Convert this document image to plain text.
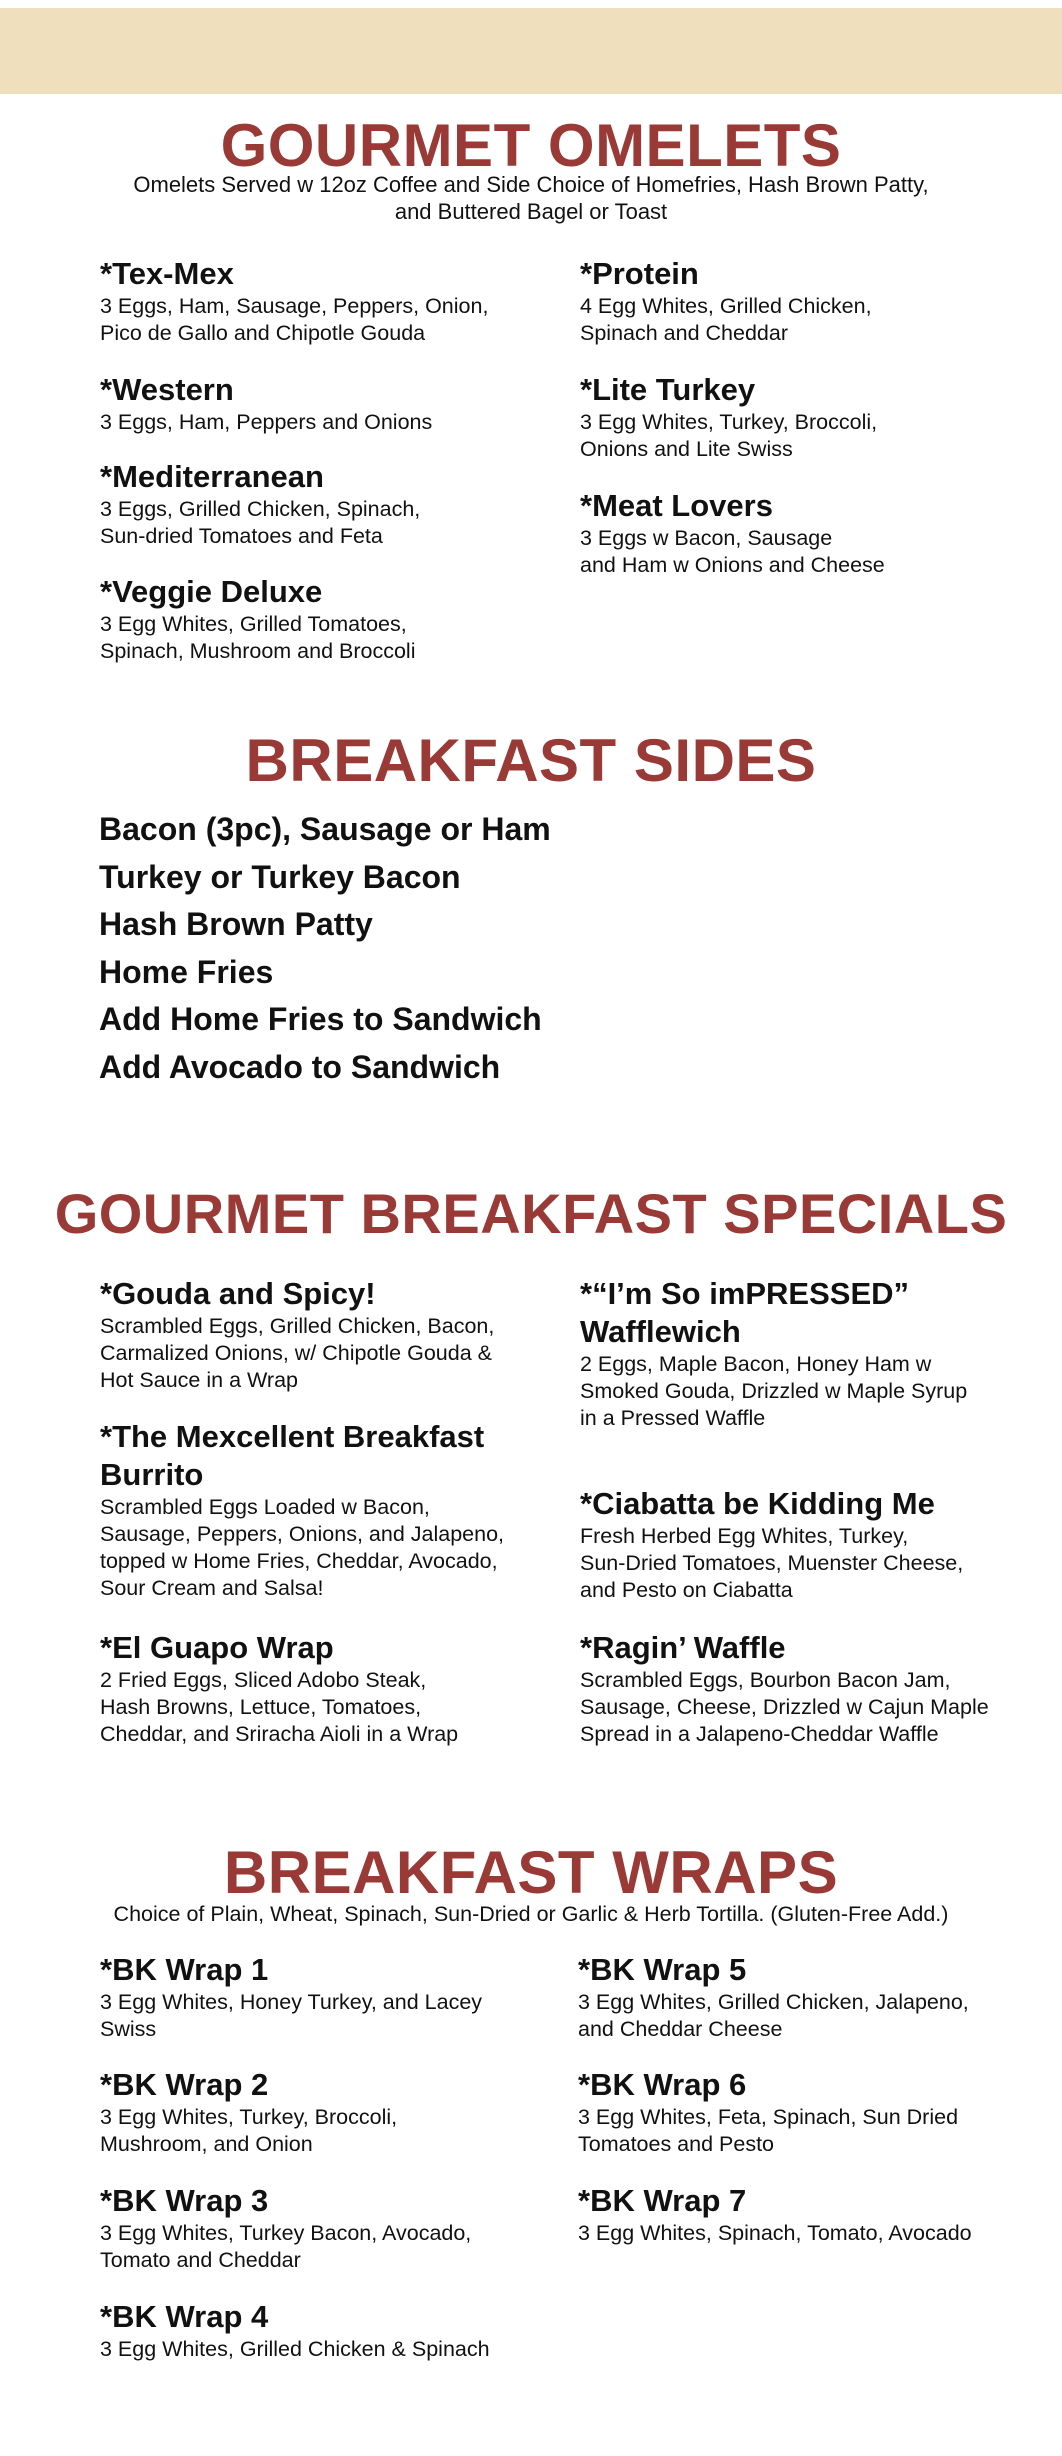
GOURMET OMELETS
Omelets Served w 12oz Coffee and Side Choice of Homefries, Hash Brown Patty,
and Buttered Bagel or Toast
*Tex-Mex
3 Eggs, Ham, Sausage, Peppers, Onion,
Pico de Gallo and Chipotle Gouda
*Western
3 Eggs, Ham, Peppers and Onions
*Mediterranean
3 Eggs, Grilled Chicken, Spinach,
Sun-dried Tomatoes and Feta
*Veggie Deluxe
3 Egg Whites, Grilled Tomatoes,
Spinach, Mushroom and Broccoli
*Protein
4 Egg Whites, Grilled Chicken,
Spinach and Cheddar
*Lite Turkey
3 Egg Whites, Turkey, Broccoli,
Onions and Lite Swiss
*Meat Lovers
3 Eggs w Bacon, Sausage
and Ham w Onions and Cheese
BREAKFAST SIDES
Bacon (3pc), Sausage or Ham
Turkey or Turkey Bacon
Hash Brown Patty
Home Fries
Add Home Fries to Sandwich
Add Avocado to Sandwich
GOURMET BREAKFAST SPECIALS
*Gouda and Spicy!
Scrambled Eggs, Grilled Chicken, Bacon,
Carmalized Onions, w/ Chipotle Gouda &
Hot Sauce in a Wrap
*The Mexcellent Breakfast
Burrito
Scrambled Eggs Loaded w Bacon,
Sausage, Peppers, Onions, and Jalapeno,
topped w Home Fries, Cheddar, Avocado,
Sour Cream and Salsa!
*El Guapo Wrap
2 Fried Eggs, Sliced Adobo Steak,
Hash Browns, Lettuce, Tomatoes,
Cheddar, and Sriracha Aioli in a Wrap
*“I’m So imPRESSED”
Wafflewich
2 Eggs, Maple Bacon, Honey Ham w
Smoked Gouda, Drizzled w Maple Syrup
in a Pressed Waffle
*Ciabatta be Kidding Me
Fresh Herbed Egg Whites, Turkey,
Sun-Dried Tomatoes, Muenster Cheese,
and Pesto on Ciabatta
*Ragin’ Waffle
Scrambled Eggs, Bourbon Bacon Jam,
Sausage, Cheese, Drizzled w Cajun Maple
Spread in a Jalapeno-Cheddar Waffle
BREAKFAST WRAPS
Choice of Plain, Wheat, Spinach, Sun-Dried or Garlic & Herb Tortilla. (Gluten-Free Add.)
*BK Wrap 1
3 Egg Whites, Honey Turkey, and Lacey
Swiss
*BK Wrap 2
3 Egg Whites, Turkey, Broccoli,
Mushroom, and Onion
*BK Wrap 3
3 Egg Whites, Turkey Bacon, Avocado,
Tomato and Cheddar
*BK Wrap 4
3 Egg Whites, Grilled Chicken & Spinach
*BK Wrap 5
3 Egg Whites, Grilled Chicken, Jalapeno,
and Cheddar Cheese
*BK Wrap 6
3 Egg Whites, Feta, Spinach, Sun Dried
Tomatoes and Pesto
*BK Wrap 7
3 Egg Whites, Spinach, Tomato, Avocado
